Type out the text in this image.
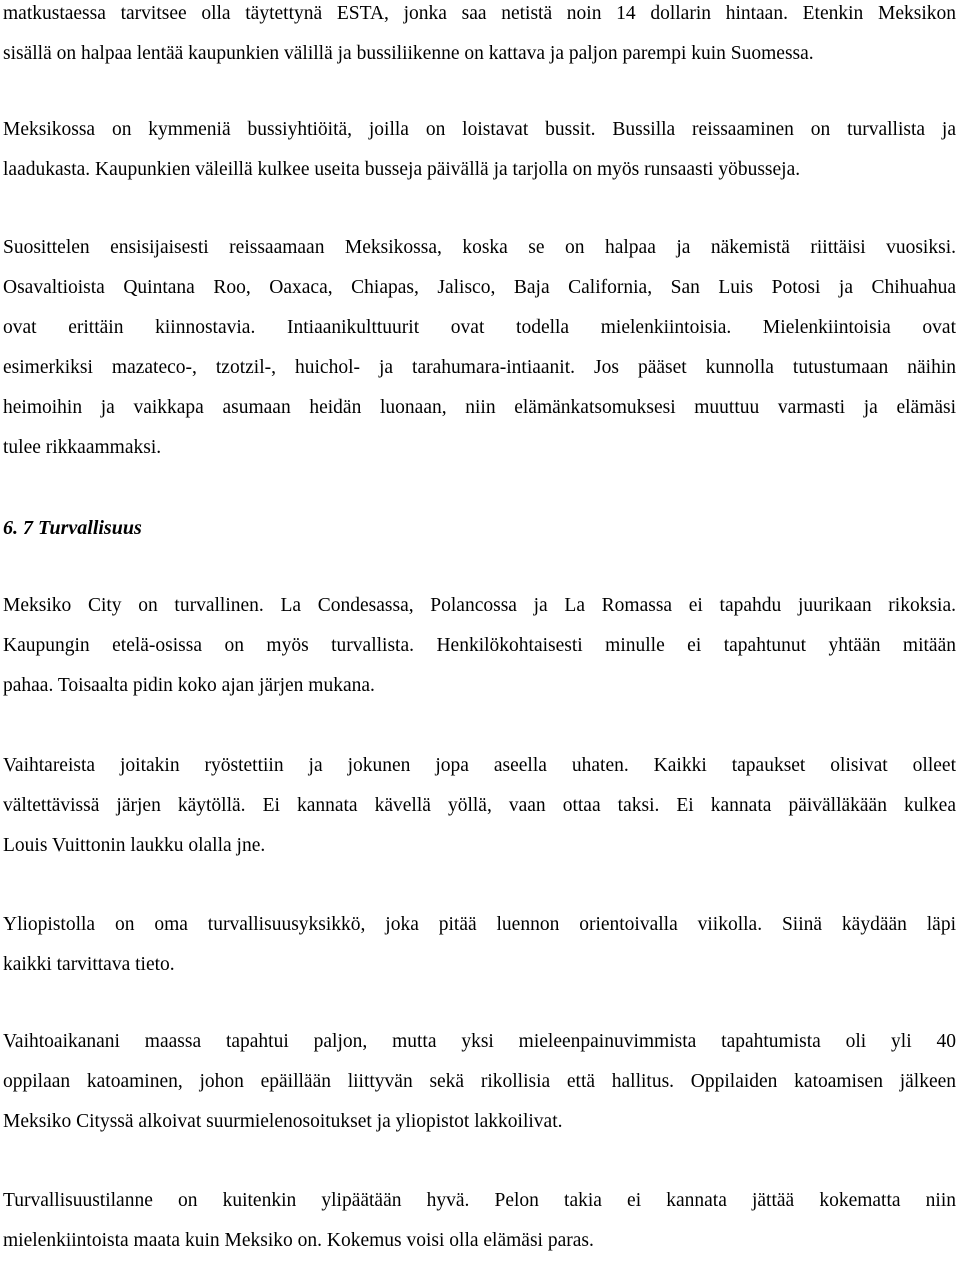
matkustaessa tarvitsee olla täytettynä ESTA, jonka saa netistä noin 14 dollarin hintaan. Etenkin Meksikon
sisällä on halpaa lentää kaupunkien välillä ja bussiliikenne on kattava ja paljon parempi kuin Suomessa.

Meksikossa on kymmeniä bussiyhtiöitä, joilla on loistavat bussit. Bussilla reissaaminen on turvallista ja
laadukasta. Kaupunkien väleillä kulkee useita busseja päivällä ja tarjolla on myös runsaasti yöbusseja.

Suosittelen ensisijaisesti reissaamaan Meksikossa, koska se on halpaa ja näkemistä riittäisi vuosiksi.
Osavaltioista Quintana Roo, Oaxaca, Chiapas, Jalisco, Baja California, San Luis Potosi ja Chihuahua
ovat erittäin kiinnostavia. Intiaanikulttuurit ovat todella mielenkiintoisia. Mielenkiintoisia ovat
esimerkiksi mazateco-, tzotzil-, huichol- ja tarahumara-intiaanit. Jos pääset kunnolla tutustumaan näihin
heimoihin ja vaikkapa asumaan heidän luonaan, niin elämänkatsomuksesi muuttuu varmasti ja elämäsi
tulee rikkaammaksi.

6. 7 Turvallisuus

Meksiko City on turvallinen. La Condesassa, Polancossa ja La Romassa ei tapahdu juurikaan rikoksia.
Kaupungin etelä-osissa on myös turvallista. Henkilökohtaisesti minulle ei tapahtunut yhtään mitään
pahaa. Toisaalta pidin koko ajan järjen mukana.

Vaihtareista joitakin ryöstettiin ja jokunen jopa aseella uhaten. Kaikki tapaukset olisivat olleet
vältettävissä järjen käytöllä. Ei kannata kävellä yöllä, vaan ottaa taksi. Ei kannata päivälläkään kulkea
Louis Vuittonin laukku olalla jne.

Yliopistolla on oma turvallisuusyksikkö, joka pitää luennon orientoivalla viikolla. Siinä käydään läpi
kaikki tarvittava tieto.

Vaihtoaikanani maassa tapahtui paljon, mutta yksi mieleenpainuvimmista tapahtumista oli yli 40
oppilaan katoaminen, johon epäillään liittyvän sekä rikollisia että hallitus. Oppilaiden katoamisen jälkeen
Meksiko Cityssä alkoivat suurmielenosoitukset ja yliopistot lakkoilivat.

Turvallisuustilanne on kuitenkin ylipäätään hyvä. Pelon takia ei kannata jättää kokematta niin
mielenkiintoista maata kuin Meksiko on. Kokemus voisi olla elämäsi paras.
